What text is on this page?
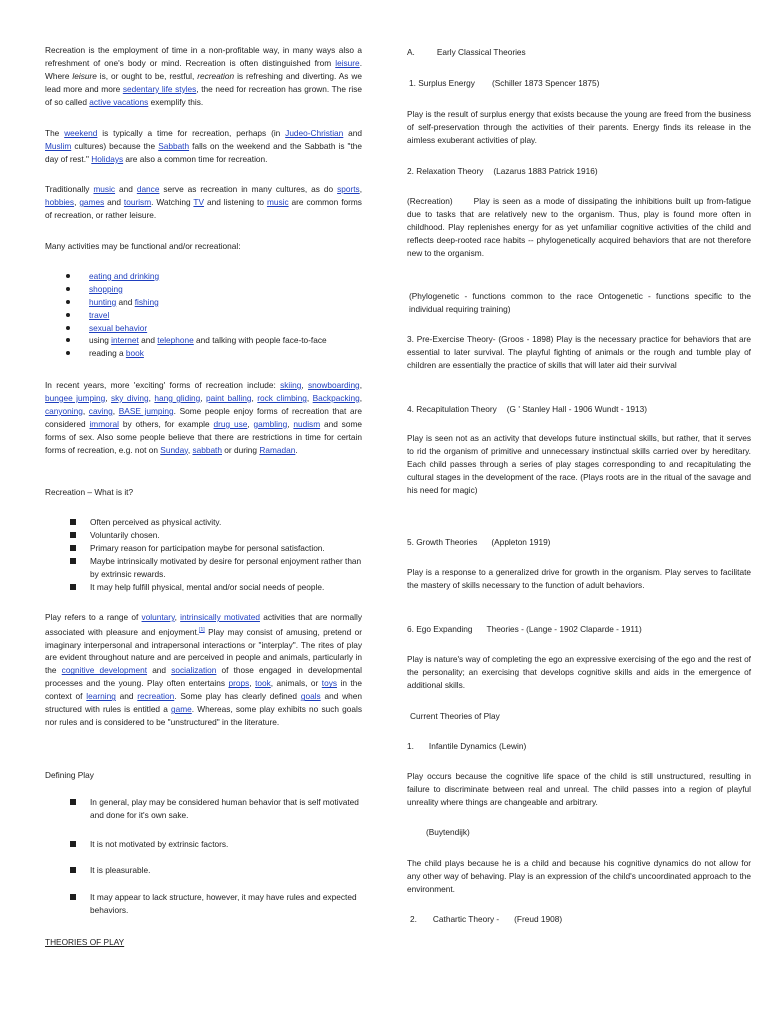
Recreation is the employment of time in a non-profitable way, in many ways also a refreshment of one's body or mind. Recreation is often distinguished from leisure. Where leisure is, or ought to be, restful, recreation is refreshing and diverting. As we lead more and more sedentary life styles, the need for recreation has grown. The rise of so called active vacations exemplify this.

The weekend is typically a time for recreation, perhaps (in Judeo-Christian and Muslim cultures) because the Sabbath falls on the weekend and the Sabbath is "the day of rest." Holidays are also a common time for recreation.

Traditionally music and dance serve as recreation in many cultures, as do sports, hobbies, games and tourism. Watching TV and listening to music are common forms of recreation, or rather leisure.

Many activities may be functional and/or recreational:

eating and drinking
shopping
hunting and fishing
travel
sexual behavior
using internet and telephone and talking with people face-to-face
reading a book

In recent years, more 'exciting' forms of recreation include: skiing, snowboarding, bungee jumping, sky diving, hang gliding, paint balling, rock climbing, Backpacking, canyoning, caving, BASE jumping. Some people enjoy forms of recreation that are considered immoral by others, for example drug use, gambling, nudism and some forms of sex. Also some people believe that there are restrictions in time for certain forms of recreation, e.g. not on Sunday, sabbath or during Ramadan.

Recreation – What is it?

Often perceived as physical activity.
Voluntarily chosen.
Primary reason for participation maybe for personal satisfaction.
Maybe intrinsically motivated by desire for personal enjoyment rather than by extrinsic rewards.
It may help fulfill physical, mental and/or social needs of people.

Play refers to a range of voluntary, intrinsically motivated activities that are normally associated with pleasure and enjoyment.[1] Play may consist of amusing, pretend or imaginary interpersonal and intrapersonal interactions or "interplay". The rites of play are evident throughout nature and are perceived in people and animals, particularly in the cognitive development and socialization of those engaged in developmental processes and the young. Play often entertains props, took, animals, or toys in the context of learning and recreation. Some play has clearly defined goals and when structured with rules is entitled a game. Whereas, some play exhibits no such goals nor rules and is considered to be "unstructured" in the literature.

Defining Play

In general, play may be considered human behavior that is self motivated and done for it's own sake.
It is not motivated by extrinsic factors.
It is pleasurable.
It may appear to lack structure, however, it may have rules and expected behaviors.

THEORIES OF PLAY

A.	Early Classical Theories

1. Surplus Energy (Schiller 1873 Spencer 1875)

Play is the result of surplus energy that exists because the young are freed from the business of self-preservation through the activities of their parents. Energy finds its release in the aimless exuberant activities of play.

2. Relaxation Theory (Lazarus 1883 Patrick 1916)

(Recreation)	Play is seen as a mode of dissipating the inhibitions built up from-fatigue due to tasks that are relatively new to the organism. Thus, play is found more often in childhood. Play replenishes energy for as yet unfamiliar cognitive activities of the child and reflects deep-rooted race habits -- phylogenetically acquired behaviors that are not therefore new to the organism.

(Phylogenetic - functions common to the race Ontogenetic - functions specific to the individual requiring training)

3. Pre-Exercise Theory- (Groos - 1898) Play is the necessary practice for behaviors that are essential to later survival. The playful fighting of animals or the rough and tumble play of children are essentially the practice of skills that will later aid their survival

4. Recapitulation Theory (G ' Stanley Hall - 1906 Wundt - 1913)

Play is seen not as an activity that develops future instinctual skills, but rather, that it serves to rid the organism of primitive and unnecessary instinctual skills carried over by hereditary. Each child passes through a series of play stages corresponding to and recapitulating the cultural stages in the development of the race. (Plays roots are in the ritual of the savage and his need for magic)

5. Growth Theories (Appleton 1919)

Play is a response to a generalized drive for growth in the organism. Play serves to facilitate the mastery of skills necessary to the function of adult behaviors.

6. Ego Expanding Theories - (Lange - 1902 Claparde - 1911)

Play is nature's way of completing the ego an expressive exercising of the ego and the rest of the personality; an exercising that develops cognitive skills and aids in the emergence of additional skills.

Current Theories of Play

1. Infantile Dynamics (Lewin)

Play occurs because the cognitive life space of the child is still unstructured, resulting in failure to discriminate between real and unreal. The child passes into a region of playful unreality where things are changeable and arbitrary.

(Buytendijk)

The child plays because he is a child and because his cognitive dynamics do not allow for any other way of behaving. Play is an expression of the child's uncoordinated approach to the environment.

2. Cathartic Theory - (Freud 1908)
